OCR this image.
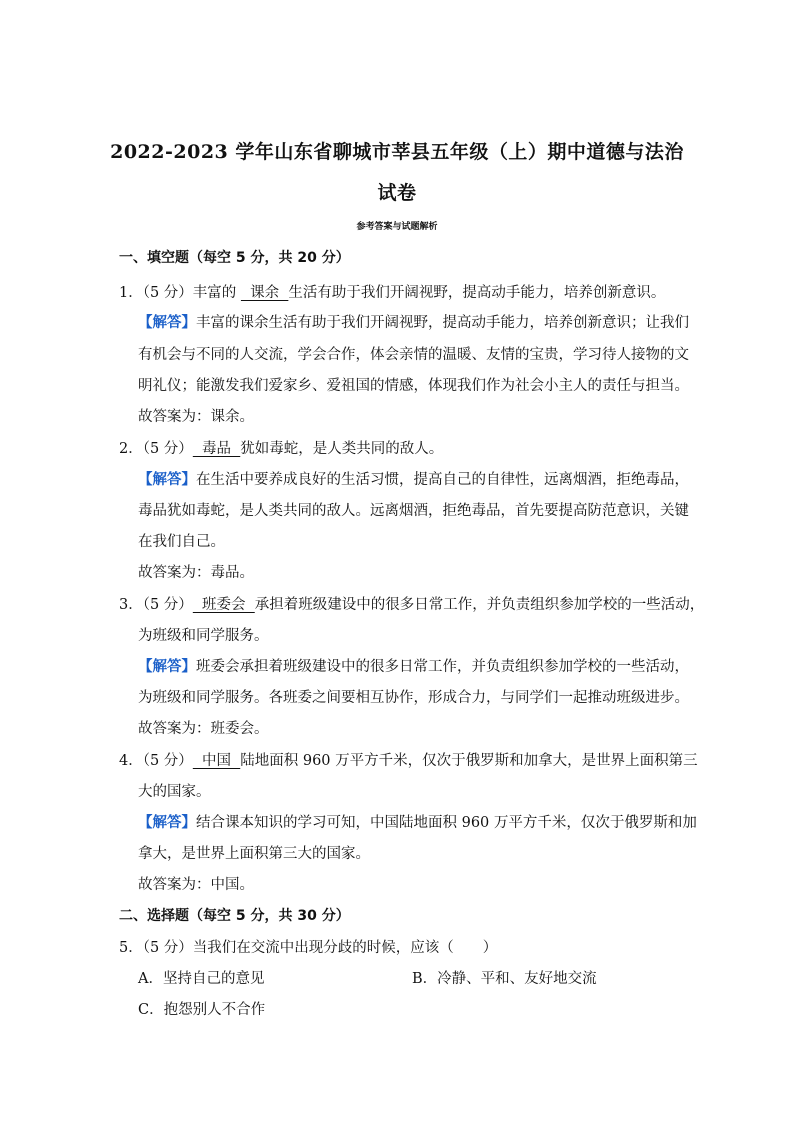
2022-2023 学年山东省聊城市莘县五年级（上）期中道德与法治
试卷
参考答案与试题解析
一、填空题（每空 5 分，共 20 分）
1．（5 分）丰富的   课余  生活有助于我们开阔视野，提高动手能力，培养创新意识。
【解答】丰富的课余生活有助于我们开阔视野，提高动手能力，培养创新意识；让我们
有机会与不同的人交流，学会合作，体会亲情的温暖、友情的宝贵，学习待人接物的文
明礼仪；能激发我们爱家乡、爱祖国的情感，体现我们作为社会小主人的责任与担当。
故答案为：课余。
2．（5 分）  毒品  犹如毒蛇，是人类共同的敌人。
【解答】在生活中要养成良好的生活习惯，提高自己的自律性，远离烟酒，拒绝毒品，
毒品犹如毒蛇，是人类共同的敌人。远离烟酒，拒绝毒品，首先要提高防范意识，关键
在我们自己。
故答案为：毒品。
3．（5 分）  班委会  承担着班级建设中的很多日常工作，并负责组织参加学校的一些活动，
为班级和同学服务。
【解答】班委会承担着班级建设中的很多日常工作，并负责组织参加学校的一些活动，
为班级和同学服务。各班委之间要相互协作，形成合力，与同学们一起推动班级进步。
故答案为：班委会。
4．（5 分）  中国  陆地面积 960 万平方千米，仅次于俄罗斯和加拿大，是世界上面积第三
大的国家。
【解答】结合课本知识的学习可知，中国陆地面积 960 万平方千米，仅次于俄罗斯和加
拿大，是世界上面积第三大的国家。
故答案为：中国。
二、选择题（每空 5 分，共 30 分）
5．（5 分）当我们在交流中出现分歧的时候，应该（　　）
A．坚持自己的意见	B．冷静、平和、友好地交流
C．抱怨别人不合作
